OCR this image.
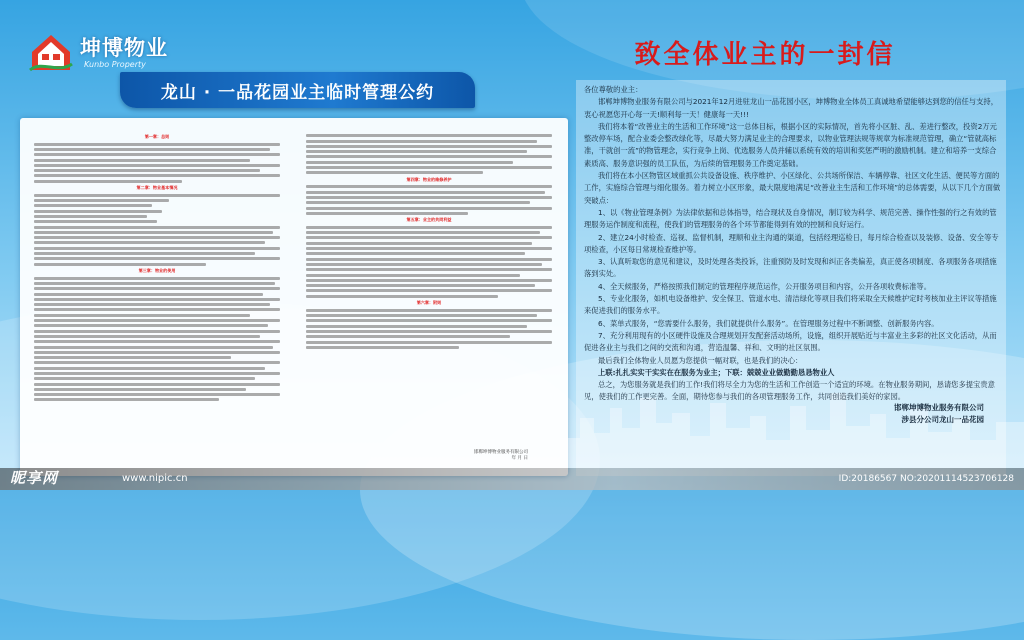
坤博物业
Kunbo Property
龙山 · 一品花园业主临时管理公约
第一章：总则
第二章：物业基本情况
第三章：物业的使用
第四章：物业的维修养护
第五章：业主的共同利益
第六章：附则
邯郸坤博物业服务有限公司
年 月 日
致全体业主的一封信

各位尊敬的业主：

邯郸坤博物业服务有限公司与2021年12月进驻龙山一品花园小区，坤博物业全体员工真诚地希望能够达到您的信任与支持，衷心祝愿您开心每一天!顺利每一天！健康每一天!!!

我们将本着“改善业主的生活和工作环境”这一总体目标，根据小区的实际情况，首先将小区脏、乱、差进行整改，投资2万元整改停车场，配合业委会整改绿化等，尽最大努力满足业主的合理要求，以物业管理法规等规章为标准规范管理，确立“管就高标准，干就创一流”的物管理念，实行竞争上岗、优选服务人员并辅以系统有效的培训和奖惩严明的激励机制。建立和培养一支综合素质高、服务意识强的员工队伍，为后续的管理服务工作奠定基础。

我们将在本小区物管区域重抓公共设备设施、秩序维护、小区绿化、公共场所保洁、车辆停靠、社区文化生活、便民等方面的工作，实施综合管理与细化服务。着力树立小区形象，最大限度地满足“改善业主生活和工作环境”的总体需要，从以下几个方面做突破点：

1、以《物业管理条例》为法律依据和总体指导，结合现状及自身情况，制订较为科学、规范完善、操作性强的行之有效的管理服务运作制度和流程，使我们的管理服务的各个环节都能得到有效的控制和良好运行。

2、建立24小时检查、巡视、监督机制，理顺和业主沟通的渠道，包括经理巡检日，每月综合检查以及装修、设备、安全等专项检查，小区每日常规检查维护等。

3、认真听取您的意见和建议，及时处理各类投诉，注重预防及时发现和纠正各类偏差，真正使各项制度、各项服务各项措施落到实处。

4、全天候服务，严格按照我们制定的管理程序规范运作，公开服务项目和内容，公开各项收费标准等。

5、专业化服务，如机电设备维护、安全保卫、管道水电、清洁绿化等项目我们将采取全天候维护定时考核加业主评议等措施来促进我们的服务水平。

6、菜单式服务，“您需要什么服务，我们就提供什么服务”。在管理服务过程中不断调整、创新服务内容。

7、充分利用现有的小区硬件设施及合理规划开发配套活动场所，设施，组织开展贴近与丰富业主多彩的社区文化活动，从而促进各业主与我们之间的交流和沟通，营造温馨、祥和、文明的社区氛围。

最后我们全体物业人员愿为您提供一幅对联，也是我们的决心：

上联:扎扎实实干实实在在服务为业主；下联：兢兢业业做勤勤恳恳物业人

总之，为您服务就是我们的工作!我们将尽全力为您的生活和工作创造一个适宜的环境。在物业服务期间，恳请您多提宝贵意见，使我们的工作更完善。全面，期待您参与我们的各项管理服务工作，共同创造我们美好的家园。

邯郸坤博物业服务有限公司
涉县分公司龙山一品花园
昵享网	www.nipic.cn	ID:20186567 NO:20201114523706128
